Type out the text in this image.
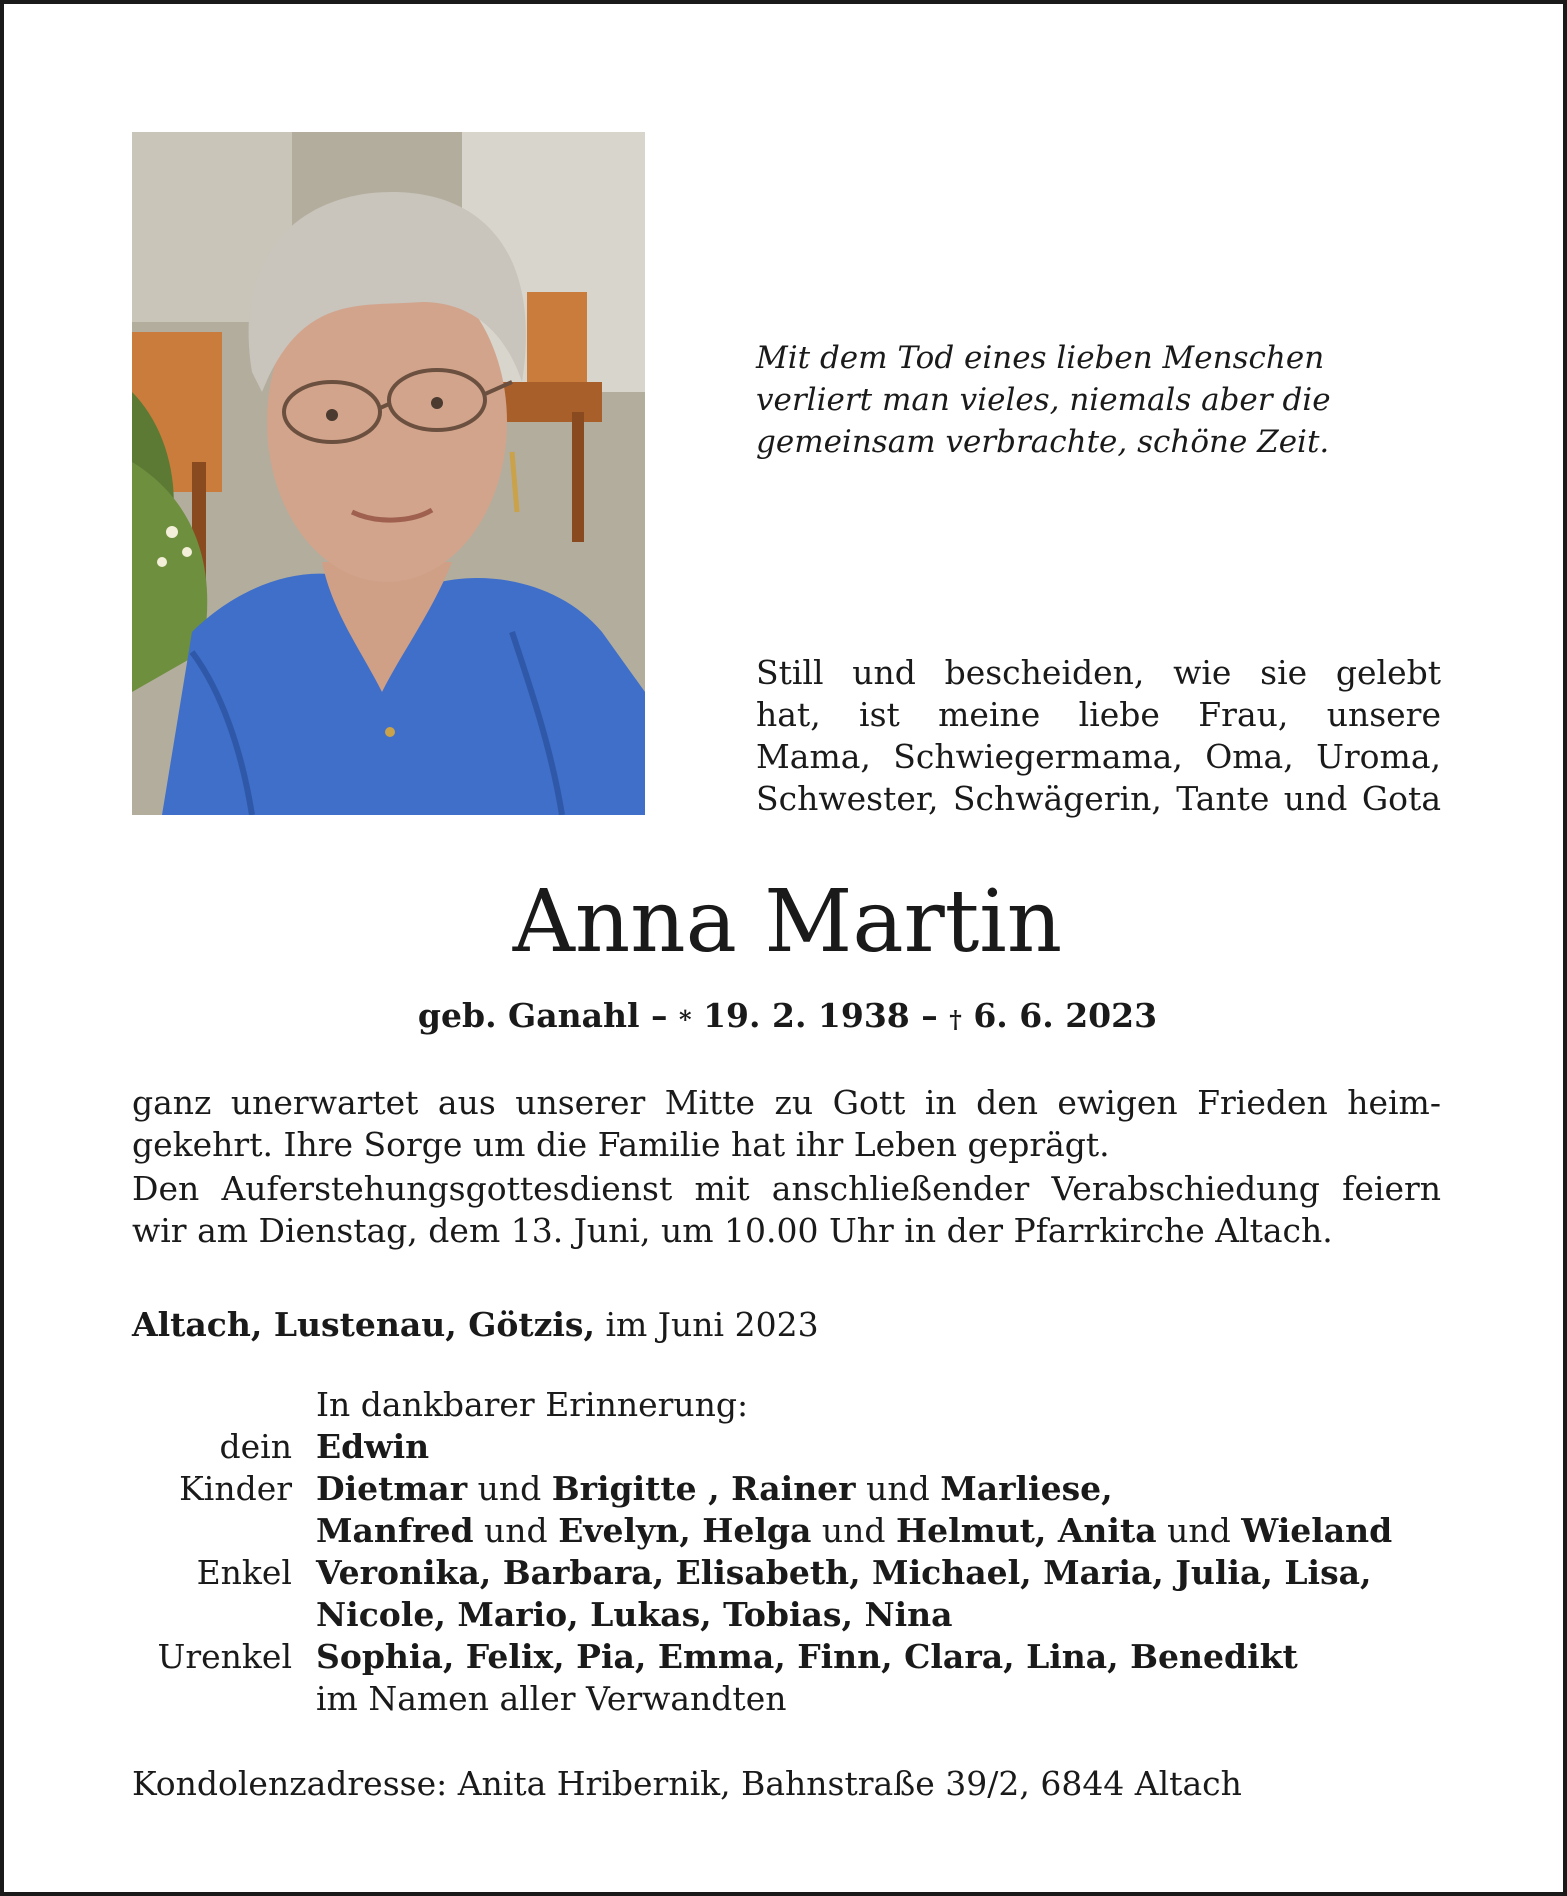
Mit dem Tod eines lieben Menschen
verliert man vieles, niemals aber die
gemeinsam verbrachte, schöne Zeit.
Still und bescheiden, wie sie gelebt
hat, ist meine liebe Frau, unsere
Mama, Schwiegermama, Oma, Uroma,
Schwester, Schwägerin, Tante und Gota
Anna Martin
geb. Ganahl – * 19. 2. 1938 – † 6. 6. 2023
ganz unerwartet aus unserer Mitte zu Gott in den ewigen Frieden heim-
gekehrt. Ihre Sorge um die Familie hat ihr Leben geprägt.
Den Auferstehungsgottesdienst mit anschließender Verabschiedung feiern
wir am Dienstag, dem 13. Juni, um 10.00 Uhr in der Pfarrkirche Altach.
Altach, Lustenau, Götzis, im Juni 2023
In dankbarer Erinnerung:
dein Edwin
Kinder Dietmar und Brigitte , Rainer und Marliese,
Manfred und Evelyn, Helga und Helmut, Anita und Wieland
Enkel Veronika, Barbara, Elisabeth, Michael, Maria, Julia, Lisa,
Nicole, Mario, Lukas, Tobias, Nina
Urenkel Sophia, Felix, Pia, Emma, Finn, Clara, Lina, Benedikt
im Namen aller Verwandten
Kondolenzadresse: Anita Hribernik, Bahnstraße 39/2, 6844 Altach
